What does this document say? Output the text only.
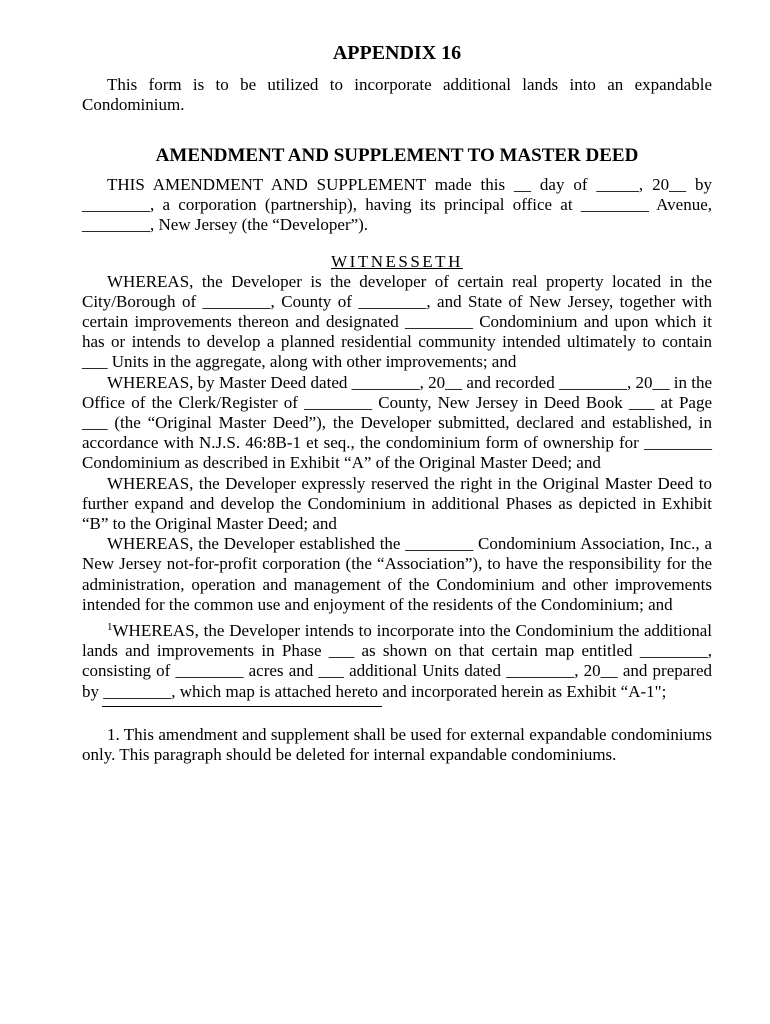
APPENDIX 16

This form is to be utilized to incorporate additional lands into an expandable Condominium.

AMENDMENT AND SUPPLEMENT TO MASTER DEED

THIS AMENDMENT AND SUPPLEMENT made this __ day of _____, 20__ by ________, a corporation (partnership), having its principal office at ________ Avenue, ________, New Jersey (the “Developer”).

WITNESSETH

WHEREAS, the Developer is the developer of certain real property located in the City/Borough of ________, County of ________, and State of New Jersey, together with certain improvements thereon and designated ________ Condominium and upon which it has or intends to develop a planned residential community intended ultimately to contain ___ Units in the aggregate, along with other improvements; and

WHEREAS, by Master Deed dated ________, 20__ and recorded ________, 20__ in the Office of the Clerk/Register of ________ County, New Jersey in Deed Book ___ at Page ___ (the “Original Master Deed”), the Developer submitted, declared and established, in accordance with N.J.S. 46:8B-1 et seq., the condominium form of ownership for ________ Condominium as described in Exhibit “A” of the Original Master Deed; and

WHEREAS, the Developer expressly reserved the right in the Original Master Deed to further expand and develop the Condominium in additional Phases as depicted in Exhibit “B” to the Original Master Deed; and

WHEREAS, the Developer established the ________ Condominium Association, Inc., a New Jersey not-for-profit corporation (the “Association”), to have the responsibility for the administration, operation and management of the Condominium and other improvements intended for the common use and enjoyment of the residents of the Condominium; and

$^1$WHEREAS, the Developer intends to incorporate into the Condominium the additional lands and improvements in Phase ___ as shown on that certain map entitled ________, consisting of ________ acres and ___ additional Units dated ________, 20__ and prepared by ________, which map is attached hereto and incorporated herein as Exhibit “A-1";

1. This amendment and supplement shall be used for external expandable condominiums only. This paragraph should be deleted for internal expandable condominiums.
